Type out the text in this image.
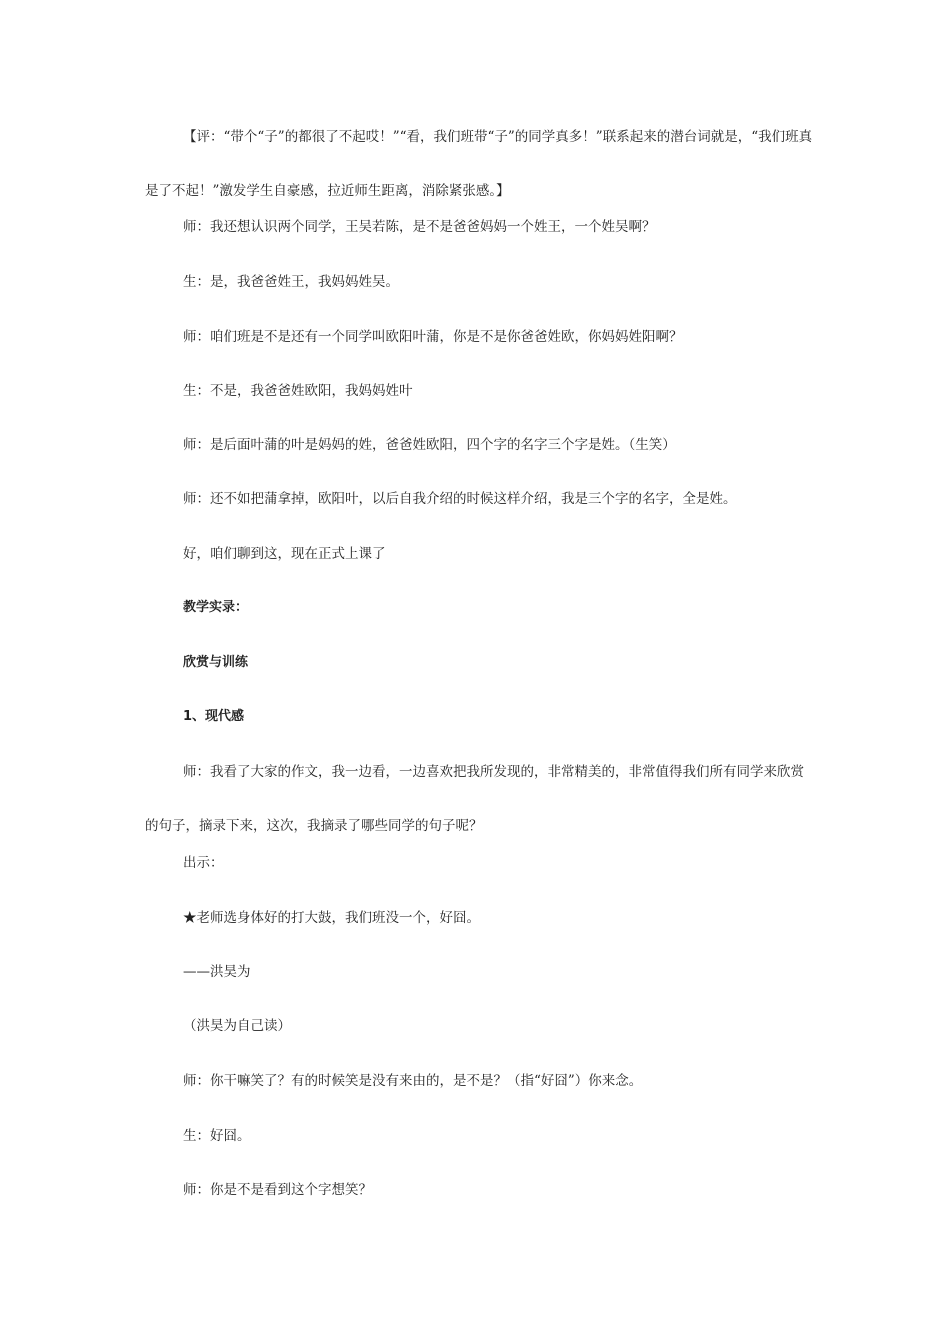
【评：“带个“子”的都很了不起哎！”“看，我们班带“子”的同学真多！”联系起来的潜台词就是，“我们班真是了不起！”激发学生自豪感，拉近师生距离，消除紧张感。】

师：我还想认识两个同学，王吴若陈，是不是爸爸妈妈一个姓王，一个姓吴啊？

生：是，我爸爸姓王，我妈妈姓吴。

师：咱们班是不是还有一个同学叫欧阳叶蒲，你是不是你爸爸姓欧，你妈妈姓阳啊？

生：不是，我爸爸姓欧阳，我妈妈姓叶

师：是后面叶蒲的叶是妈妈的姓，爸爸姓欧阳，四个字的名字三个字是姓。（生笑）

师：还不如把蒲拿掉，欧阳叶，以后自我介绍的时候这样介绍，我是三个字的名字，全是姓。

好，咱们聊到这，现在正式上课了

教学实录：

欣赏与训练

1、现代感

师：我看了大家的作文，我一边看，一边喜欢把我所发现的，非常精美的，非常值得我们所有同学来欣赏的句子，摘录下来，这次，我摘录了哪些同学的句子呢？

出示：

★老师选身体好的打大鼓，我们班没一个，好囧。

——洪昊为

（洪昊为自己读）

师：你干嘛笑了？有的时候笑是没有来由的，是不是？（指“好囧”）你来念。

生：好囧。

师：你是不是看到这个字想笑？
